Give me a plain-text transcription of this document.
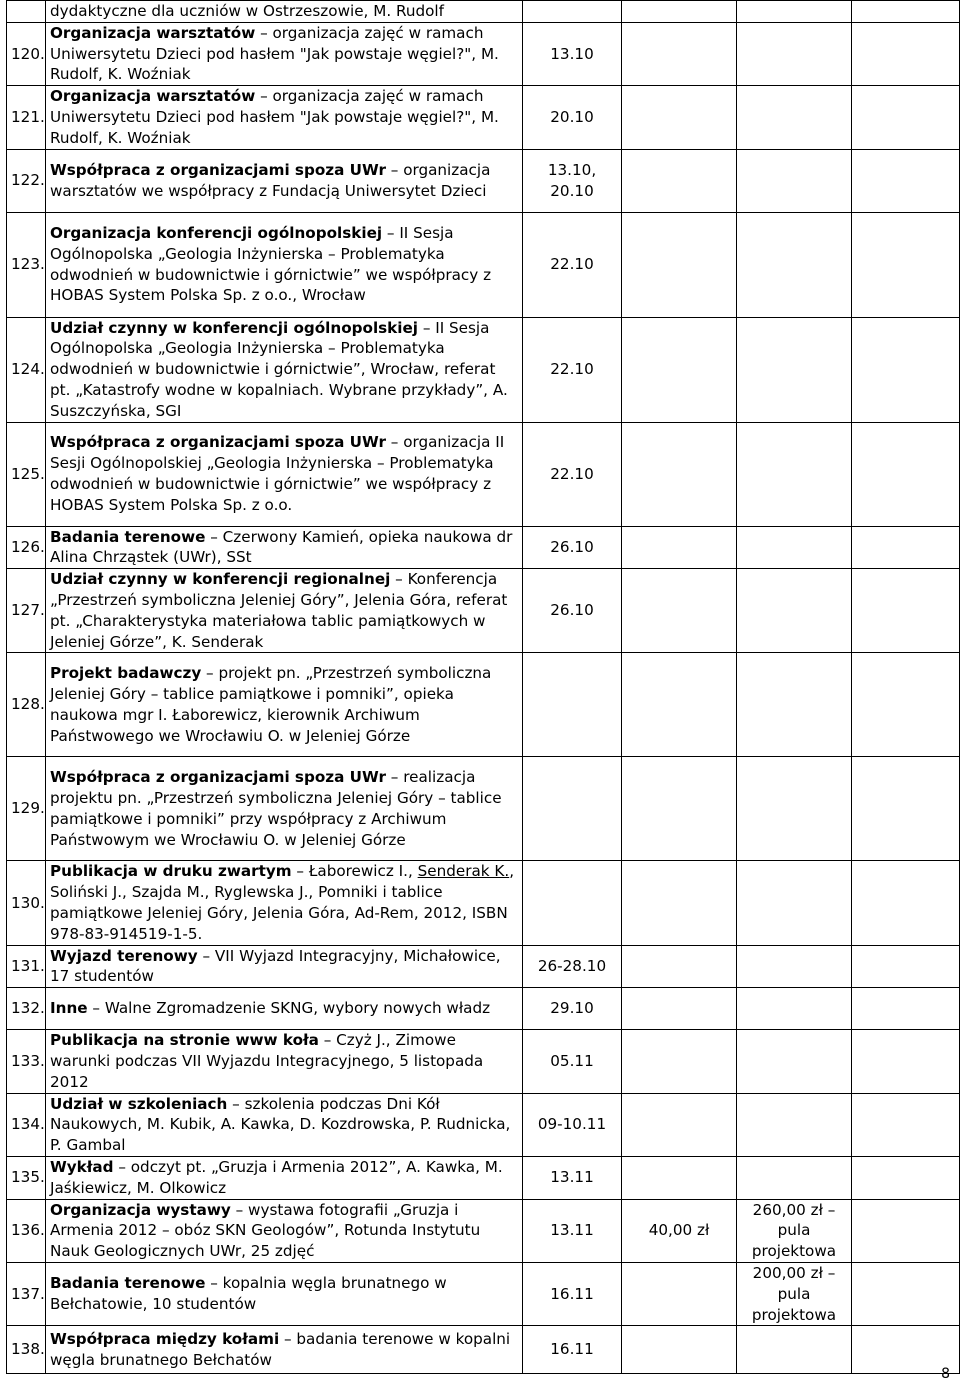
	dydaktyczne dla uczniów w Ostrzeszowie, M. Rudolf				
120.	Organizacja warsztatów – organizacja zajęć w ramach Uniwersytetu Dzieci pod hasłem "Jak powstaje węgiel?", M. Rudolf, K. Woźniak	13.10			
121.	Organizacja warsztatów – organizacja zajęć w ramach Uniwersytetu Dzieci pod hasłem "Jak powstaje węgiel?", M. Rudolf, K. Woźniak	20.10			
122.	Współpraca z organizacjami spoza UWr – organizacja warsztatów we współpracy z Fundacją Uniwersytet Dzieci	13.10,
20.10			
123.	Organizacja konferencji ogólnopolskiej – II Sesja Ogólnopolska „Geologia Inżynierska – Problematyka odwodnień w budownictwie i górnictwie” we współpracy z HOBAS System Polska Sp. z o.o., Wrocław	22.10			
124.	Udział czynny w konferencji ogólnopolskiej – II Sesja Ogólnopolska „Geologia Inżynierska – Problematyka odwodnień w budownictwie i górnictwie”, Wrocław, referat pt. „Katastrofy wodne w kopalniach. Wybrane przykłady”, A. Suszczyńska, SGI	22.10			
125.	Współpraca z organizacjami spoza UWr – organizacja II Sesji Ogólnopolskiej „Geologia Inżynierska – Problematyka odwodnień w budownictwie i górnictwie” we współpracy z HOBAS System Polska Sp. z o.o.	22.10			
126.	Badania terenowe – Czerwony Kamień, opieka naukowa dr Alina Chrząstek (UWr), SSt	26.10			
127.	Udział czynny w konferencji regionalnej – Konferencja „Przestrzeń symboliczna Jeleniej Góry”, Jelenia Góra, referat pt. „Charakterystyka materiałowa tablic pamiątkowych w Jeleniej Górze”, K. Senderak	26.10			
128.	Projekt badawczy – projekt pn. „Przestrzeń symboliczna Jeleniej Góry – tablice pamiątkowe i pomniki”, opieka naukowa mgr I. Łaborewicz, kierownik Archiwum Państwowego we Wrocławiu O. w Jeleniej Górze				
129.	Współpraca z organizacjami spoza UWr – realizacja projektu pn. „Przestrzeń symboliczna Jeleniej Góry – tablice pamiątkowe i pomniki” przy współpracy z Archiwum Państwowym we Wrocławiu O. w Jeleniej Górze				
130.	Publikacja w druku zwartym – Łaborewicz I., Senderak K., Soliński J., Szajda M., Ryglewska J., Pomniki i tablice pamiątkowe Jeleniej Góry, Jelenia Góra, Ad-Rem, 2012, ISBN 978-83-914519-1-5.				
131.	Wyjazd terenowy – VII Wyjazd Integracyjny, Michałowice, 17 studentów	26-28.10			
132.	Inne – Walne Zgromadzenie SKNG, wybory nowych władz	29.10			
133.	Publikacja na stronie www koła – Czyż J., Zimowe warunki podczas VII Wyjazdu Integracyjnego, 5 listopada 2012	05.11			
134.	Udział w szkoleniach – szkolenia podczas Dni Kół Naukowych, M. Kubik, A. Kawka, D. Kozdrowska, P. Rudnicka, P. Gambal	09-10.11			
135.	Wykład – odczyt pt. „Gruzja i Armenia 2012”, A. Kawka, M. Jaśkiewicz, M. Olkowicz	13.11			
136.	Organizacja wystawy – wystawa fotografii „Gruzja i Armenia 2012 – obóz SKN Geologów”, Rotunda Instytutu Nauk Geologicznych UWr, 25 zdjęć	13.11	40,00 zł	260,00 zł –
pula
projektowa	
137.	Badania terenowe – kopalnia węgla brunatnego w Bełchatowie, 10 studentów	16.11		200,00 zł –
pula
projektowa	
138.	Współpraca między kołami – badania terenowe w kopalni węgla brunatnego Bełchatów	16.11			
8
